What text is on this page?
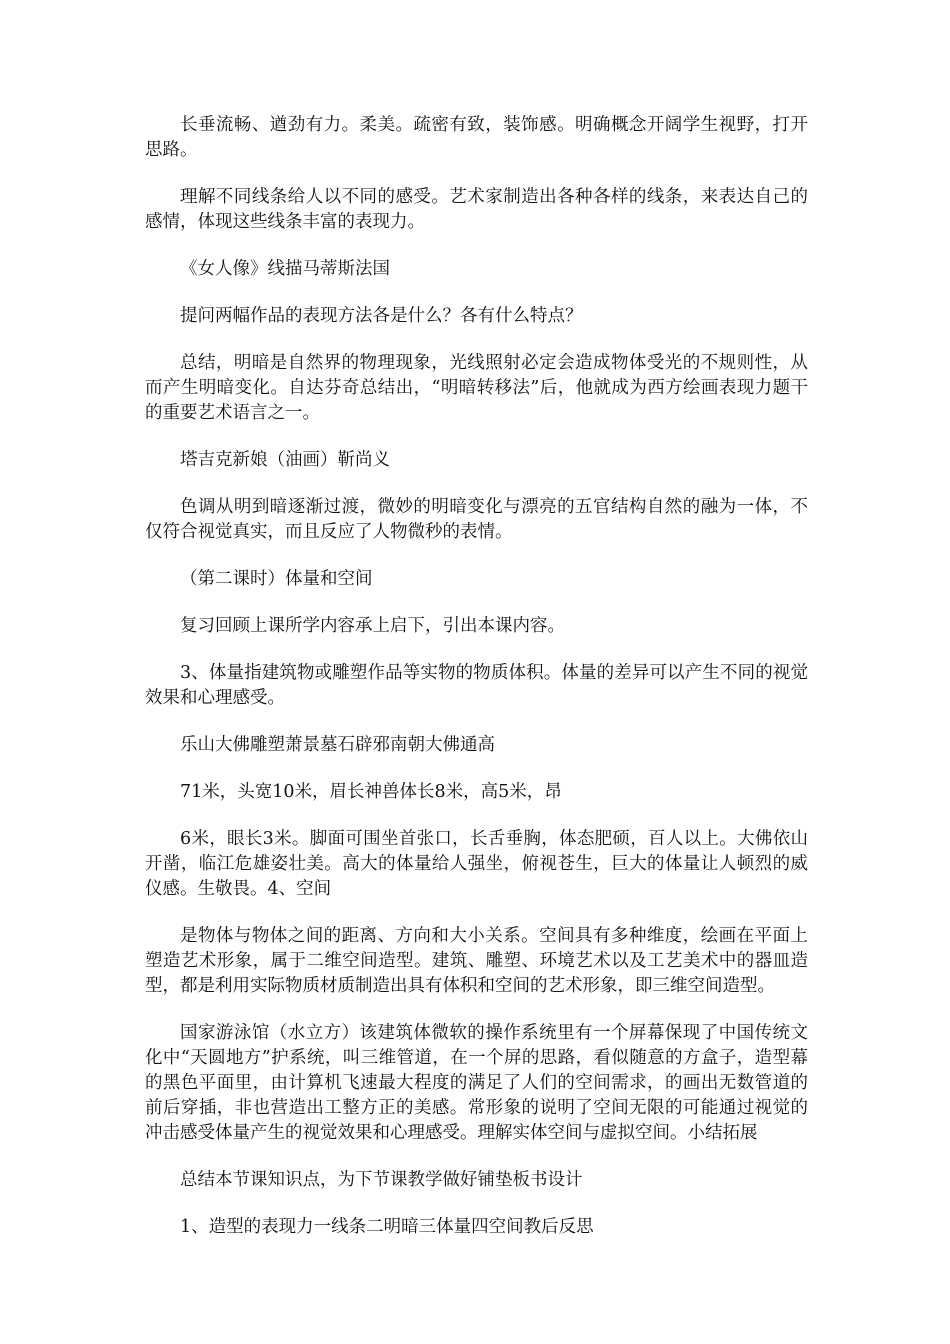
长垂流畅、遒劲有力。柔美。疏密有致，装饰感。明确概念开阔学生视野，打开思路。

理解不同线条给人以不同的感受。艺术家制造出各种各样的线条，来表达自己的感情，体现这些线条丰富的表现力。

《女人像》线描马蒂斯法国

提问两幅作品的表现方法各是什么？各有什么特点？

总结，明暗是自然界的物理现象，光线照射必定会造成物体受光的不规则性，从而产生明暗变化。自达芬奇总结出，“明暗转移法”后，他就成为西方绘画表现力题干的重要艺术语言之一。

塔吉克新娘（油画）靳尚义

色调从明到暗逐渐过渡，微妙的明暗变化与漂亮的五官结构自然的融为一体，不仅符合视觉真实，而且反应了人物微秒的表情。

（第二课时）体量和空间

复习回顾上课所学内容承上启下，引出本课内容。

3、体量指建筑物或雕塑作品等实物的物质体积。体量的差异可以产生不同的视觉效果和心理感受。

乐山大佛雕塑萧景墓石辟邪南朝大佛通高

71米，头宽10米，眉长神兽体长8米，高5米，昂

6米，眼长3米。脚面可围坐首张口，长舌垂胸，体态肥硕，百人以上。大佛依山开凿，临江危雄姿壮美。高大的体量给人强坐，俯视苍生，巨大的体量让人顿烈的威仪感。生敬畏。4、空间

是物体与物体之间的距离、方向和大小关系。空间具有多种维度，绘画在平面上塑造艺术形象，属于二维空间造型。建筑、雕塑、环境艺术以及工艺美术中的器皿造型，都是利用实际物质材质制造出具有体积和空间的艺术形象，即三维空间造型。

国家游泳馆（水立方）该建筑体微软的操作系统里有一个屏幕保现了中国传统文化中“天圆地方”护系统，叫三维管道，在一个屏的思路，看似随意的方盒子，造型幕的黑色平面里，由计算机飞速最大程度的满足了人们的空间需求，的画出无数管道的前后穿插，非也营造出工整方正的美感。常形象的说明了空间无限的可能通过视觉的冲击感受体量产生的视觉效果和心理感受。理解实体空间与虚拟空间。小结拓展

总结本节课知识点，为下节课教学做好铺垫板书设计

1、造型的表现力一线条二明暗三体量四空间教后反思
